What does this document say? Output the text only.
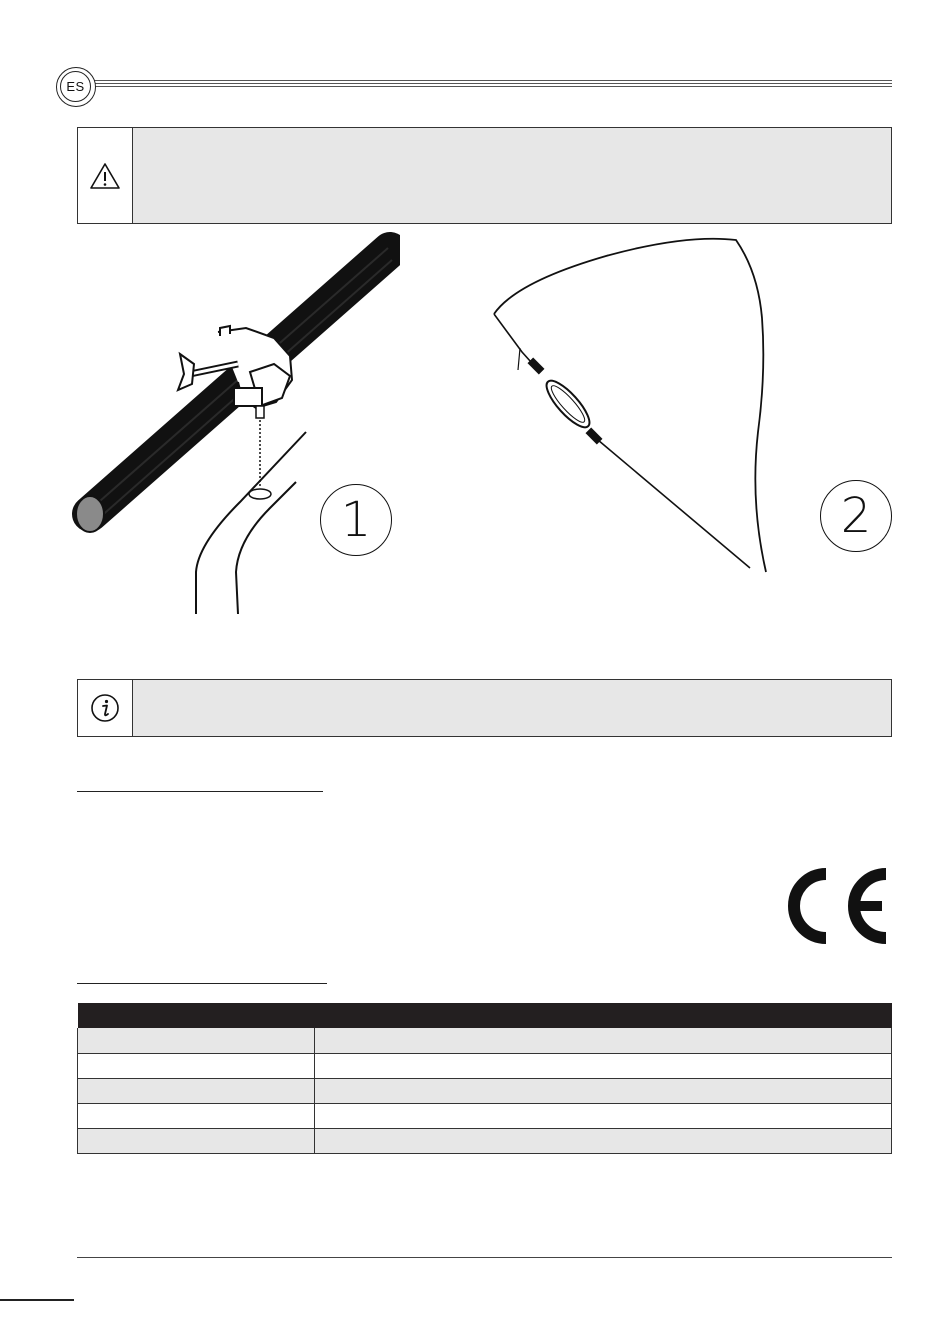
ES
1	2
